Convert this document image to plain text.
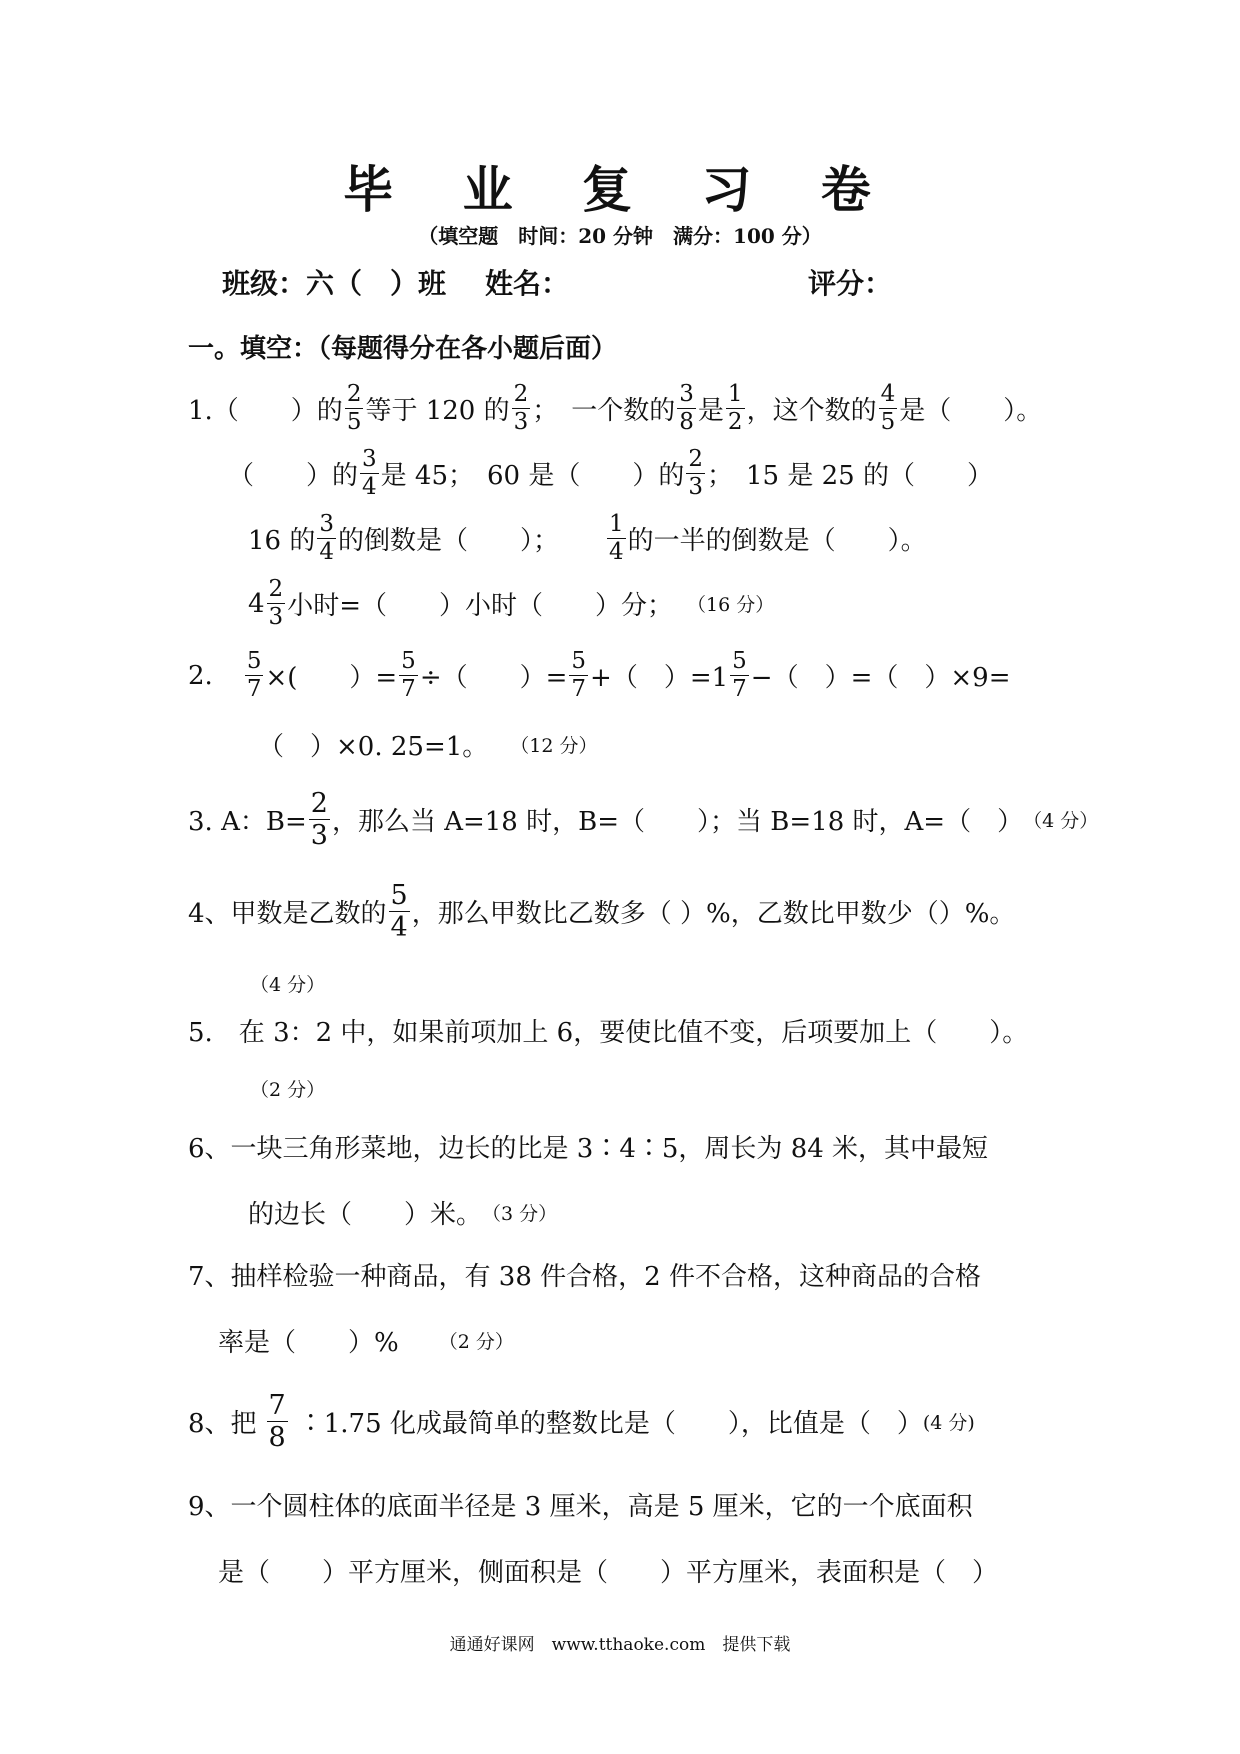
毕 业 复 习 卷
（填空题　时间：20 分钟　满分：100 分）
班级：六（　）班 姓名：	评分：
一。填空：（每题得分在各小题后面）
1.（　　）的 $\frac{2}{5}$ 等于 120 的 $\frac{2}{3}$ ；　一个数的 $\frac{3}{8}$ 是 $\frac{1}{2}$ ，这个数的 $\frac{4}{5}$ 是（　　）。
（　　）的 $\frac{3}{4}$ 是 45；　60 是（　　）的 $\frac{2}{3}$ ；　15 是 25 的（　　）
16 的 $\frac{3}{4}$ 的倒数是（　　）； $\frac{1}{4}$ 的一半的倒数是（　　）。
$4 \frac{2}{3}$ 小时=（　　）小时（　　）分； （16 分）
2. $\frac{5}{7}$ ×(　　）= $\frac{5}{7}$ ÷（　　）= $\frac{5}{7}$ +（　）$=1 \frac{5}{7}$ −（　）=（　）×9=
（　）×0. 25=1。 （12 分）
3. A：$B= \frac{2}{3}$ ，那么当 A=18 时，B=（　　）；当 B=18 时，A=（　） （4 分）
4、甲数是乙数的 $\frac{5}{4}$ ，那么甲数比乙数多（ ）%，乙数比甲数少（）%。
（4 分）
5.　在 3：2 中，如果前项加上 6，要使比值不变，后项要加上（　　）。
（2 分）
6、一块三角形菜地，边长的比是 3∶4∶5，周长为 84 米，其中最短
的边长（　　）米。 （3 分）
7、抽样检验一种商品，有 38 件合格，2 件不合格，这种商品的合格
率是（　　）% （2 分）
8、把 $\frac{7}{8}$ ∶1.75 化成最简单的整数比是（　　），比值是（　） (4 分)
9、一个圆柱体的底面半径是 3 厘米，高是 5 厘米，它的一个底面积
是（　　）平方厘米，侧面积是（　　）平方厘米，表面积是（　）
通通好课网　www.tthaoke.com　提供下载
